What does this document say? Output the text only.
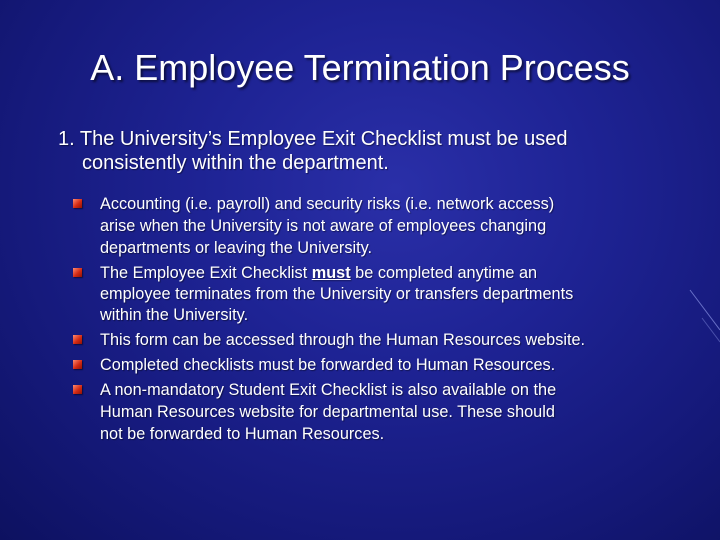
A. Employee Termination Process
1. The University’s Employee Exit Checklist must be used
consistently within the department.
Accounting (i.e. payroll) and security risks (i.e. network access)
arise when the University is not aware of employees changing
departments or leaving the University.
The Employee Exit Checklist must be completed anytime an
employee terminates from the University or transfers departments
within the University.
This form can be accessed through the Human Resources website.
Completed checklists must be forwarded to Human Resources.
A non-mandatory Student Exit Checklist is also available on the
Human Resources website for departmental use. These should
not be forwarded to Human Resources.
